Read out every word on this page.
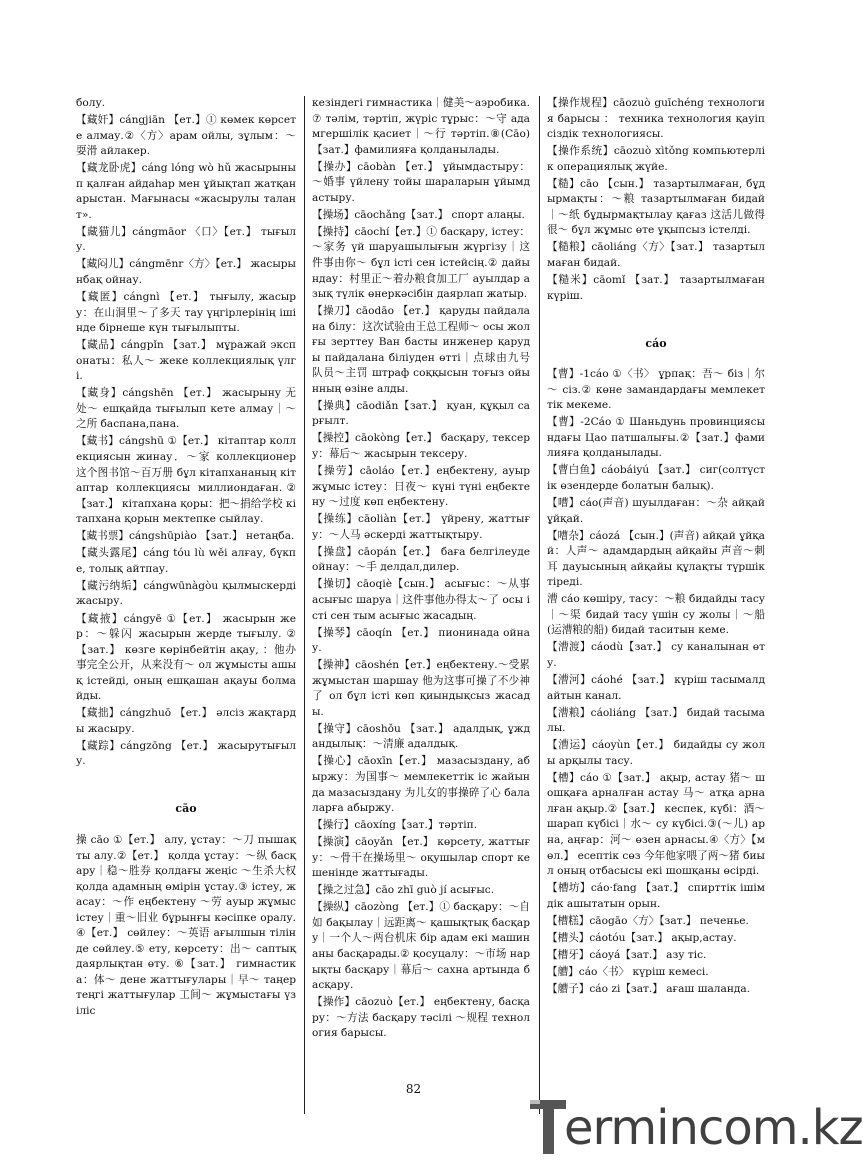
болу.
【藏奸】cángjiān 【ет.】① көмек көрсете алмау.②〈方〉арам ойлы, зұлым：～耍滑 айлакер.
【藏龙卧虎】cáng lóng wò hǔ жасырынып қалған айдаhар мен ұйықтап жатқан арыстан. Мағынасы «жасырулы талант».
【藏猫儿】cángmāor 〈口〉【ет.】 тығылу.
【藏闷儿】cángmēnr〈方〉【ет.】 жасырынбақ ойнау.
【藏匿】cángnì 【ет.】 тығылу, жасыру：在山洞里～了多天 тау үңгірлерінің ішінде бірнеше күн тығылыпты.
【藏品】cángpǐn 【зат.】 мұражай экспонаты：私人～ жеке коллекциялық үлгі.
【藏身】cángshēn 【ет.】 жасырыну 无处～ ешқайда тығылып кете алмау｜～之所 баспана,пана.
【藏书】cángshū ①【ет.】 кітаптар коллекциясын жинау．～家 коллекционер 这个图书馆～百万册 бұл кітапхананың кітаптар коллекциясы миллиондаған.②【зат.】 кітапхана қоры：把～捐给学校 кітапхана қорын мектепке сыйлау.
【藏书票】cángshūpiào 【зат.】 нетаңба.
【藏头露尾】cáng tóu lù wěi алғау, бүкпе, толық айтпау.
【藏污纳垢】cángwūnàgòu қылмыскерді жасыру.
【藏掖】cángyē ①【ет.】 жасырын жер：～躲闪 жасырын жерде тығылу. ②【зат.】 көзге көрінбейтін ақау, ：他办事完全公开，从来没有～ ол жұмысты ашық істейді, оның ешқашан ақауы болмайды.
【藏拙】cángzhuō 【ет.】 әлсіз жақтарды жасыру.
【藏踪】cángzōng 【ет.】 жасырутығылу.
cāo
操 cāo ①【ет.】 алу, ұстау：～刀 пышақты алу.②【ет.】 қолда ұстау：～纵 басқару｜稳～胜券 қолдағы жеңіс ～生杀大权 қолда адамның өмірін ұстау.③ істеу, жасау：～作 еңбектену ～劳 ауыр жұмыс істеу｜重～旧业 бұрынғы кәсіпке оралу.④【ет.】 сөйлеу：～英语 ағылшын тілінде сөйлеу.⑤ ету, көрсету：出～ саптық даярлықтан өту. ⑥【зат.】 гимнастика：体～ дене жаттығулары｜早～ таңертеңгі жаттығулар 工间～ жұмыстағы үзіліс
кезіндегі гимнастика｜健美～аэробика.⑦ тәлім, тәртіп, жүріс тұрыс：～守 адамгершілік қасиет｜～行 тәртіп.⑧(Cāo)【зат.】фамилияға қолданылады.
【操办】cāobàn 【ет.】 ұйымдастыру：～婚事 үйлену тойы шараларын ұйымдастыру.
【操场】cāochǎng【зат.】 спорт алаңы.
【操持】cāochí【ет.】① басқару, істеу：～家务 үй шаруашылығын жүргізу｜这件事由你～ бұл істі сен істейсің.② дайындау：村里正～着办粮食加工厂 ауылдар азық түлік өнеркәсібін даярлап жатыр.
【操刀】cāodāo 【ет.】 қаруды пайдалана білу：这次试验由王总工程师～ осы жолғы зерттеу Ван басты инженер қаруды пайдалана біліуден өтті｜点球由九号队员～主罚 штраф соққысын тоғыз ойынның өзіне алды.
【操典】cāodiǎn【зат.】 қуан, құқыл сарғылт.
【操控】cāokòng【ет.】 басқару, тексеру：幕后～ жасырын тексеру.
【操劳】cāoláo【ет.】еңбектену, ауыр жұмыс істеу：日夜～ күні түні еңбектену ～过度 көп еңбектену.
【操练】cāoliàn【ет.】 үйрену, жаттығу：～人马 әскерді жаттықтыру.
【操盘】cāopán【ет.】 баға белгілеуде ойнау：～手 делдал,дилер.
【操切】cāoqiè【сын.】 асығыс：～从事 асығыс шаруа｜这件事他办得太～了 осы істі сен тым асығыс жасадың.
【操琴】cāoqín 【ет.】 пионинада ойнау.
【操神】cāoshén【ет.】еңбектену.～受累 жұмыстан шаршау 他为这事可操了不少神了 ол бұл істі көп қиындықсыз жасады.
【操守】cāoshǒu 【зат.】 адалдық, ұждандылық：～清廉 адалдық.
【操心】cāoxīn【ет.】 мазасыздану, абыржу：为国事～ мемлекеттік іс жайында мазасыздану 为儿女的事操碎了心 балаларға абыржу.
【操行】cāoxíng【зат.】тәртіп.
【操演】cāoyǎn 【ет.】 көрсету, жаттығу：～骨干在操场里～ оқушылар спорт кешенінде жаттығады.
【操之过急】cāo zhī guò jí асығыс.
【操纵】cāozòng 【ет.】① басқару：～自如 бақылау｜远距离～ қашықтық басқару｜一个人～两台机床 бір адам екі машинаны басқарады.② қосуцалу：～市场 нарықты басқару｜幕后～ сахна артында басқару.
【操作】cāozuò【ет.】 еңбектену, басқару：～方法 басқару тәсілі ～规程 технология барысы.
【操作规程】cāozuò guīchéng технология барысы ： техника технология қауіпсіздік технологиясы.
【操作系统】cāozuò xìtǒng компьютерлік операциялық жүйе.
【糙】cāo 【сын.】 тазартылмаған, бұдырмақты：～粮 тазартылмаған бидай｜～纸 бұдырмақтылау қағаз 这活儿做得很～ бұл жұмыс өте ұқыпсыз істелді.
【糙粮】cāoliáng〈方〉【зат.】 тазартылмаған бидай.
【糙米】cāomǐ 【зат.】 тазартылмаған күріш.
cáo
【曹】-1cáo ①〈书〉 ұрпақ：吾～ біз｜尔～ сіз.② көне замандардағы мемлекеттік мекеме.
【曹】-2Cáo ① Шаньдунь провинциясындағы Цао патшалығы.②【зат.】фамилияға қолданылады.
【曹白鱼】cáobáiyú 【зат.】 сиг(солтүстік өзендерде болатын балық).
【嘈】cáo(声音) шуылдаған：～杂 айқай ұйқай.
【嘈杂】cáozá 【сын.】(声音) айқай ұйқай：人声～ адамдардың айқайы 声音～刺耳 дауысының айқайы құлақты түршіктіреді.
漕 cáo көшіру, тасу：～粮 бидайды тасу｜～渠 бидай тасу үшін су жолы｜～船(运漕粮的船) бидай таситын кеме.
【漕渡】cáodù【зат.】 су каналынан өту.
【漕河】cáohé 【зат.】 күріш тасымалдайтын канал.
【漕粮】cáoliáng 【зат.】 бидай тасымалы.
【漕运】cáoyùn【ет.】 бидайды су жолы арқылы тасу.
【槽】cáo ①【зат.】 ақыр, астау 猪～ шошқаға арналған астау 马～ атқа арналған ақыр.②【зат.】 кеспек, күбі：酒～ шарап күбісі｜水～ су күбісі.③(～儿) арна, аңғар：河～ өзен арнасы.④〈方〉【мөл.】 есептік сөз 今年他家喂了两～猪 биыл оның отбасысы екі шошқаны өсірді.
【槽坊】cáo·fang 【зат.】 спирттік ішімдік ашытатын орын.
【槽糕】cāogāo〈方〉【зат.】 печенье.
【槽头】cáotóu【зат.】 ақыр,астау.
【槽牙】cáoyá【зат.】 азу тіс.
【艚】cáo〈书〉 күріш кемесі.
【艚子】cáo zi【зат.】 ағаш шаланда.
82
ermincom.kz
